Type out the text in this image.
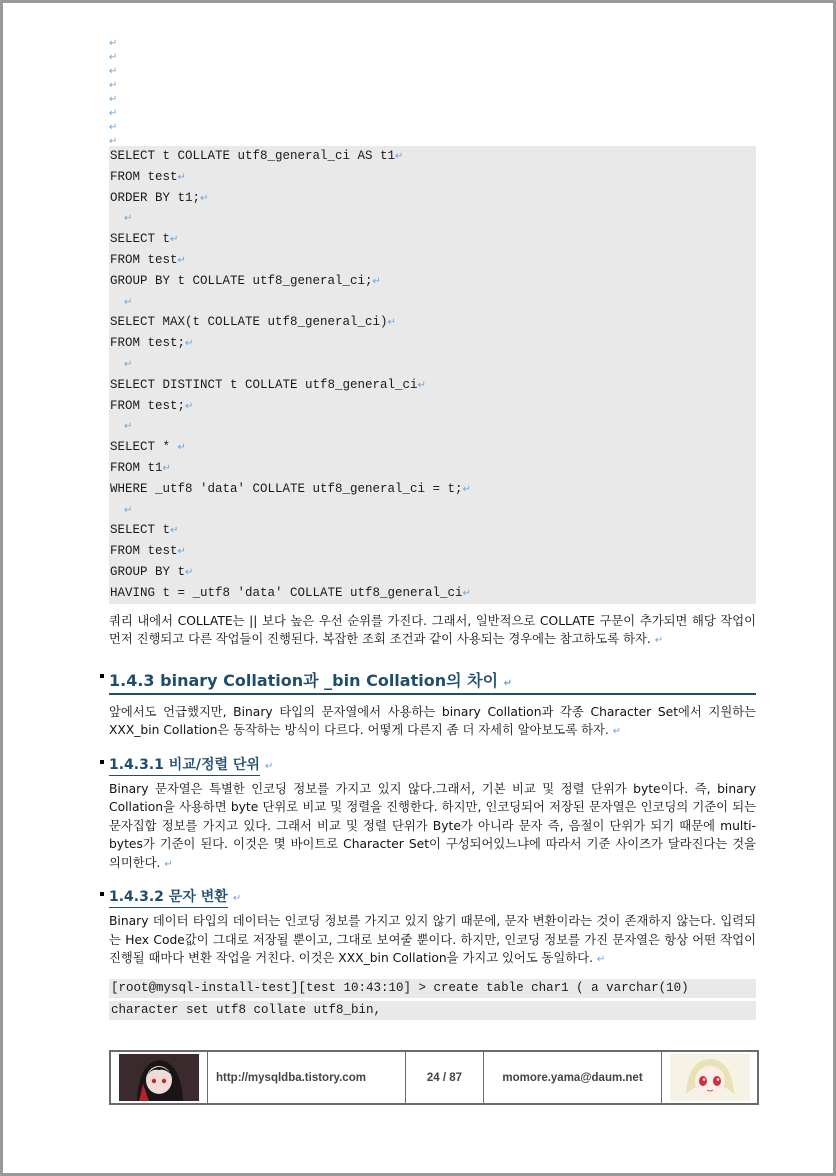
↵
↵
↵
↵
↵
↵
↵
↵
SELECT t COLLATE utf8_general_ci AS t1↵
FROM test↵
ORDER BY t1;↵
↵
SELECT t↵
FROM test↵
GROUP BY t COLLATE utf8_general_ci;↵
↵
SELECT MAX(t COLLATE utf8_general_ci)↵
FROM test;↵
↵
SELECT DISTINCT t COLLATE utf8_general_ci↵
FROM test;↵
↵
SELECT * ↵
FROM t1↵
WHERE _utf8 'data' COLLATE utf8_general_ci = t;↵
↵
SELECT t↵
FROM test↵
GROUP BY t↵
HAVING t = _utf8 'data' COLLATE utf8_general_ci↵
쿼리 내에서 COLLATE는 || 보다 높은 우선 순위를 가진다. 그래서, 일반적으로 COLLATE 구문이 추가되면 해당 작업이 먼저 진행되고 다른 작업들이 진행된다. 복잡한 조회 조건과 같이 사용되는 경우에는 참고하도록 하자. ↵
1.4.3 binary Collation과 _bin Collation의 차이 ↵
앞에서도 언급했지만, Binary 타입의 문자열에서 사용하는 binary Collation과 각종 Character Set에서 지원하는 XXX_bin Collation은 동작하는 방식이 다르다. 어떻게 다른지 좀 더 자세히 알아보도록 하자. ↵
1.4.3.1 비교/정렬 단위 ↵
Binary 문자열은 특별한 인코딩 정보를 가지고 있지 않다.그래서, 기본 비교 및 정렬 단위가 byte이다. 즉, binary Collation을 사용하면 byte 단위로 비교 및 정렬을 진행한다. 하지만, 인코딩되어 저장된 문자열은 인코딩의 기준이 되는 문자집합 정보를 가지고 있다. 그래서 비교 및 정렬 단위가 Byte가 아니라 문자 즉, 음절이 단위가 되기 때문에 multi-bytes가 기준이 된다. 이것은 몇 바이트로 Character Set이 구성되어있느냐에 따라서 기준 사이즈가 달라진다는 것을 의미한다. ↵
1.4.3.2 문자 변환 ↵
Binary 데이터 타입의 데이터는 인코딩 정보를 가지고 있지 않기 때문에, 문자 변환이라는 것이 존재하지 않는다. 입력되는 Hex Code값이 그대로 저장될 뿐이고, 그대로 보여줄 뿐이다. 하지만, 인코딩 정보를 가진 문자열은 항상 어떤 작업이 진행될 때마다 변환 작업을 거친다. 이것은 XXX_bin Collation을 가지고 있어도 동일하다. ↵
[root@mysql-install-test][test 10:43:10] > create table char1 ( a varchar(10)
character set utf8 collate utf8_bin,
http://mysqldba.tistory.com	24 / 87	momore.yama@daum.net
